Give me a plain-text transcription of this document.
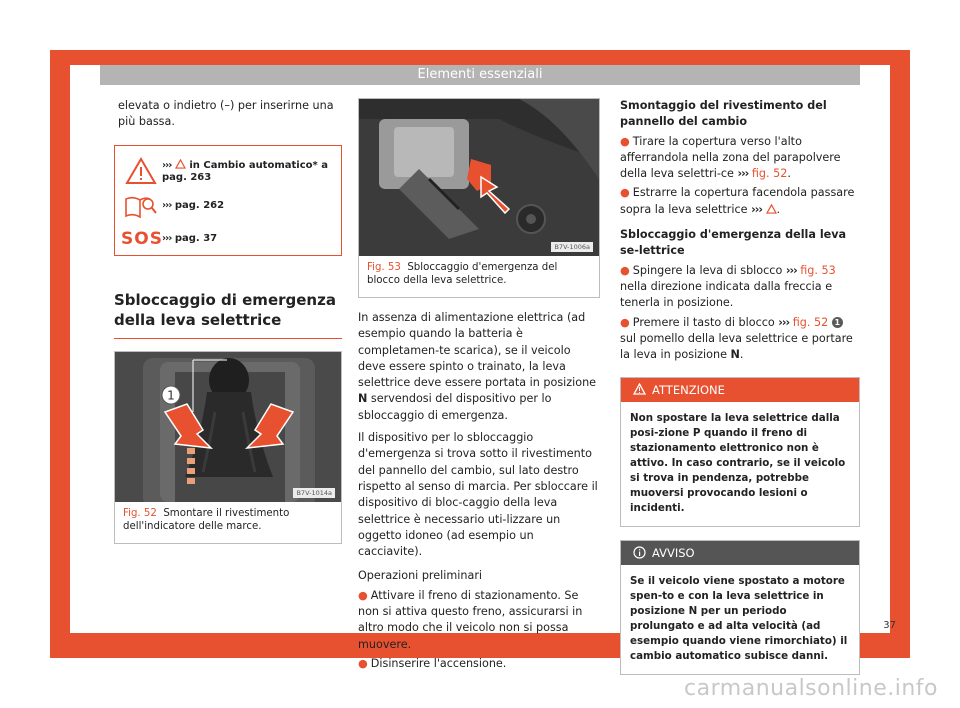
Elementi essenziali

elevata o indietro (–) per inserirne una più bassa.

››› in Cambio automatico* a pag. 263
››› pag. 262
SOS ››› pag. 37
Sbloccaggio di emergenza della leva selettrice
1
B7V-1014a
Fig. 52 Smontare il rivestimento dell'indicatore delle marce.
B7V-1006a
Fig. 53 Sbloccaggio d'emergenza del blocco della leva selettrice.

In assenza di alimentazione elettrica (ad esempio quando la batteria è completamen-te scarica), se il veicolo deve essere spinto o trainato, la leva selettrice deve essere portata in posizione N servendosi del dispositivo per lo sbloccaggio di emergenza.

Il dispositivo per lo sbloccaggio d'emergenza si trova sotto il rivestimento del pannello del cambio, sul lato destro rispetto al senso di marcia. Per sbloccare il dispositivo di bloc-caggio della leva selettrice è necessario uti-lizzare un oggetto idoneo (ad esempio un cacciavite).

Operazioni preliminari

● Attivare il freno di stazionamento. Se non si attiva questo freno, assicurarsi in altro modo che il veicolo non si possa muovere.

● Disinserire l'accensione.

Smontaggio del rivestimento del pannello del cambio

● Tirare la copertura verso l'alto afferrandola nella zona del parapolvere della leva selettri-ce ››› fig. 52.

● Estrarre la copertura facendola passare sopra la leva selettrice ››› .

Sbloccaggio d'emergenza della leva se-lettrice

● Spingere la leva di sblocco ››› fig. 53 nella direzione indicata dalla freccia e tenerla in posizione.

● Premere il tasto di blocco ››› fig. 52 1 sul pomello della leva selettrice e portare la leva in posizione N.

ATTENZIONE
Non spostare la leva selettrice dalla posi-zione P quando il freno di stazionamento elettronico non è attivo. In caso contrario, se il veicolo si trova in pendenza, potrebbe muoversi provocando lesioni o incidenti.
AVVISO
Se il veicolo viene spostato a motore spen-to e con la leva selettrice in posizione N per un periodo prolungato e ad alta velocità (ad esempio quando viene rimorchiato) il cambio automatico subisce danni.
37
carmanualsonline.info
